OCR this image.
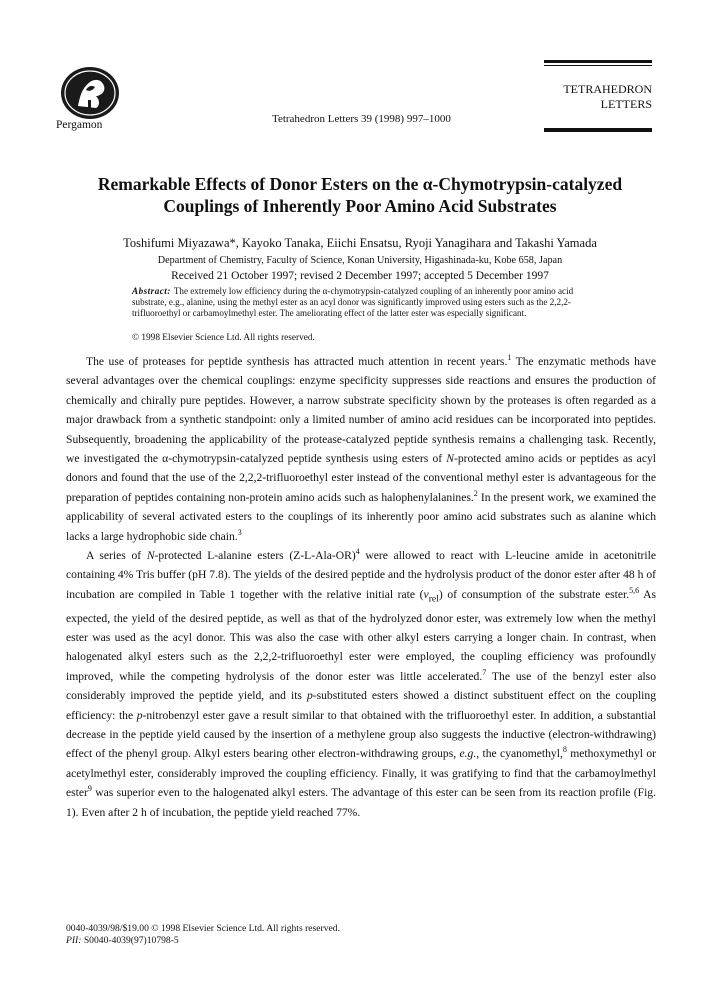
Pergamon	Tetrahedron Letters 39 (1998) 997–1000
TETRAHEDRON
LETTERS
Remarkable Effects of Donor Esters on the α-Chymotrypsin-catalyzed
Couplings of Inherently Poor Amino Acid Substrates
Toshifumi Miyazawa*, Kayoko Tanaka, Eiichi Ensatsu, Ryoji Yanagihara and Takashi Yamada
Department of Chemistry, Faculty of Science, Konan University, Higashinada-ku, Kobe 658, Japan
Received 21 October 1997; revised 2 December 1997; accepted 5 December 1997
Abstract: The extremely low efficiency during the α-chymotrypsin-catalyzed coupling of an inherently poor amino acid substrate, e.g., alanine, using the methyl ester as an acyl donor was significantly improved using esters such as the 2,2,2-trifluoroethyl or carbamoylmethyl ester. The ameliorating effect of the latter ester was especially significant.
© 1998 Elsevier Science Ltd. All rights reserved.

The use of proteases for peptide synthesis has attracted much attention in recent years.$^1$ The enzymatic methods have several advantages over the chemical couplings: enzyme specificity suppresses side reactions and ensures the production of chemically and chirally pure peptides. However, a narrow substrate specificity shown by the proteases is often regarded as a major drawback from a synthetic standpoint: only a limited number of amino acid residues can be incorporated into peptides. Subsequently, broadening the applicability of the protease-catalyzed peptide synthesis remains a challenging task. Recently, we investigated the α-chymotrypsin-catalyzed peptide synthesis using esters of N-protected amino acids or peptides as acyl donors and found that the use of the 2,2,2-trifluoroethyl ester instead of the conventional methyl ester is advantageous for the preparation of peptides containing non-protein amino acids such as halophenylalanines.$^2$ In the present work, we examined the applicability of several activated esters to the couplings of its inherently poor amino acid substrates such as alanine which lacks a large hydrophobic side chain.$^3$

A series of N-protected L-alanine esters $(Z-L-Ala-OR)^4$ were allowed to react with L-leucine amide in acetonitrile containing 4% Tris buffer (pH 7.8). The yields of the desired peptide and the hydrolysis product of the donor ester after 48 h of incubation are compiled in Table 1 together with the relative initial rate $(v_{rel})$ of consumption of the substrate ester.$^{5,6}$ As expected, the yield of the desired peptide, as well as that of the hydrolyzed donor ester, was extremely low when the methyl ester was used as the acyl donor. This was also the case with other alkyl esters carrying a longer chain. In contrast, when halogenated alkyl esters such as the 2,2,2-trifluoroethyl ester were employed, the coupling efficiency was profoundly improved, while the competing hydrolysis of the donor ester was little accelerated.$^7$ The use of the benzyl ester also considerably improved the peptide yield, and its p-substituted esters showed a distinct substituent effect on the coupling efficiency: the p-nitrobenzyl ester gave a result similar to that obtained with the trifluoroethyl ester. In addition, a substantial decrease in the peptide yield caused by the insertion of a methylene group also suggests the inductive (electron-withdrawing) effect of the phenyl group. Alkyl esters bearing other electron-withdrawing groups, e.g., the cyanomethyl,$^8$ methoxymethyl or acetylmethyl ester, considerably improved the coupling efficiency. Finally, it was gratifying to find that the carbamoylmethyl ester$^9$ was superior even to the halogenated alkyl esters. The advantage of this ester can be seen from its reaction profile (Fig. 1). Even after 2 h of incubation, the peptide yield reached 77%.

0040-4039/98/$19.00 © 1998 Elsevier Science Ltd. All rights reserved.
PII: S0040-4039(97)10798-5
